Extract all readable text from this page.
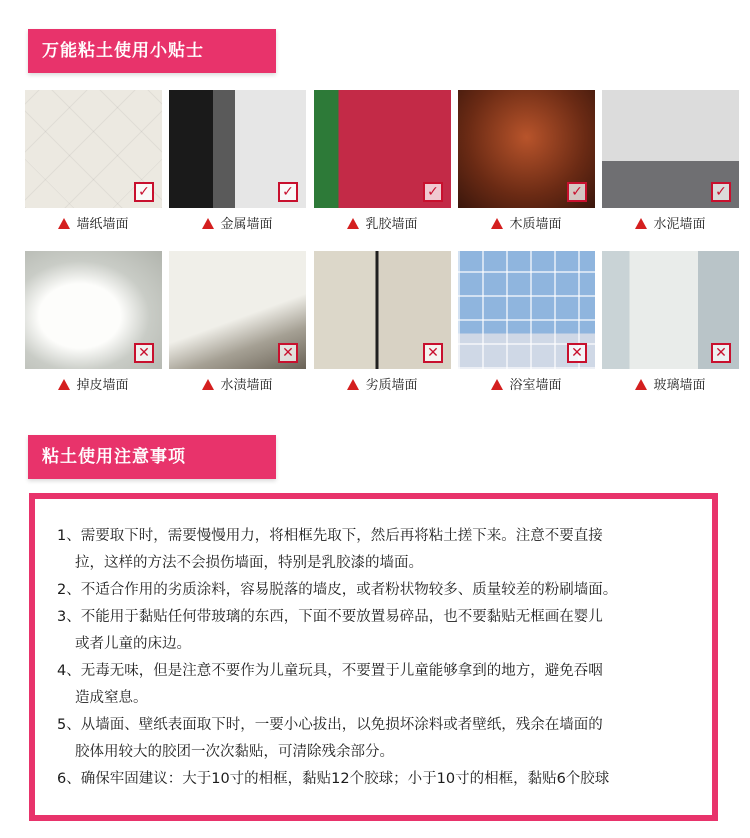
万能粘土使用小贴士
✓
墙纸墙面
✓
金属墙面
✓
乳胶墙面
✓
木质墙面
✓
水泥墙面
✕
掉皮墙面
✕
水渍墙面
✕
劣质墙面
✕
浴室墙面
✕
玻璃墙面
粘土使用注意事项
1、需要取下时，需要慢慢用力，将相框先取下，然后再将粘土搓下来。注意不要直接
拉，这样的方法不会损伤墙面，特别是乳胶漆的墙面。
2、不适合作用的劣质涂料，容易脱落的墙皮，或者粉状物较多、质量较差的粉刷墙面。
3、不能用于黏贴任何带玻璃的东西，下面不要放置易碎品，也不要黏贴无框画在婴儿
或者儿童的床边。
4、无毒无味，但是注意不要作为儿童玩具，不要置于儿童能够拿到的地方，避免吞咽
造成窒息。
5、从墙面、壁纸表面取下时，一要小心拔出，以免损坏涂料或者壁纸，残余在墙面的
胶体用较大的胶团一次次黏贴，可清除残余部分。
6、确保牢固建议：大于10寸的相框，黏贴12个胶球；小于10寸的相框，黏贴6个胶球
